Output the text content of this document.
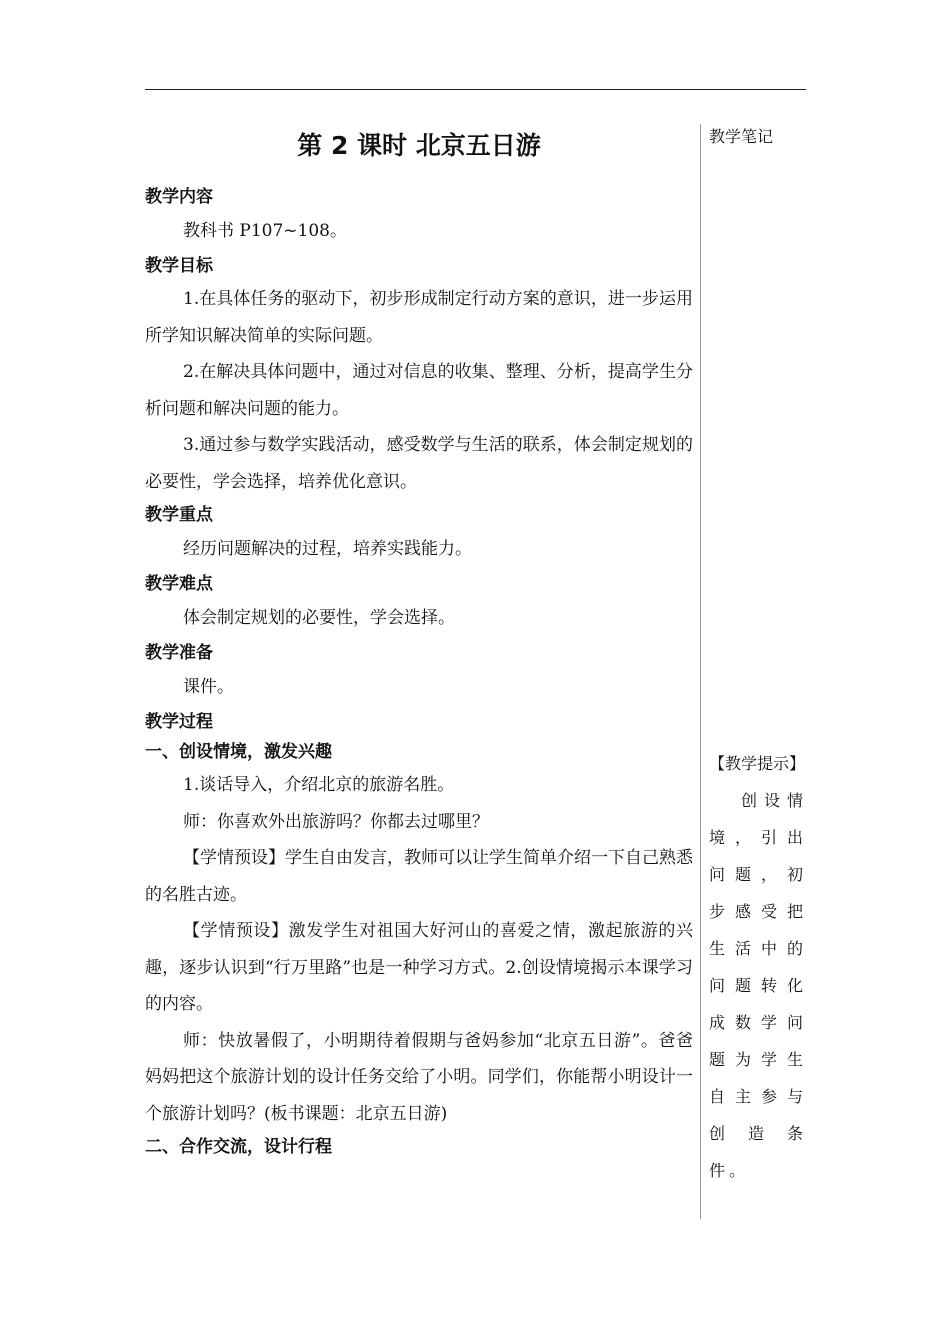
第 2 课时 北京五日游
教学内容

教科书 P107~108。

教学目标

1.在具体任务的驱动下，初步形成制定行动方案的意识，进一步运用所学知识解决简单的实际问题。

2.在解决具体问题中，通过对信息的收集、整理、分析，提高学生分析问题和解决问题的能力。

3.通过参与数学实践活动，感受数学与生活的联系，体会制定规划的必要性，学会选择，培养优化意识。

教学重点

经历问题解决的过程，培养实践能力。

教学难点

体会制定规划的必要性，学会选择。

教学准备

课件。

教学过程
一、创设情境，激发兴趣

1.谈话导入，介绍北京的旅游名胜。

师：你喜欢外出旅游吗？你都去过哪里？

【学情预设】学生自由发言，教师可以让学生简单介绍一下自己熟悉的名胜古迹。

【学情预设】激发学生对祖国大好河山的喜爱之情，激起旅游的兴趣，逐步认识到“行万里路”也是一种学习方式。2.创设情境揭示本课学习的内容。

师：快放暑假了，小明期待着假期与爸妈参加“北京五日游”。爸爸妈妈把这个旅游计划的设计任务交给了小明。同学们，你能帮小明设计一个旅游计划吗？(板书课题：北京五日游)

二、合作交流，设计行程
教学笔记

【教学提示】

创设情境，引出问题，初步感受把生活中的问题转化成数学问题为学生自主参与创造条件。
